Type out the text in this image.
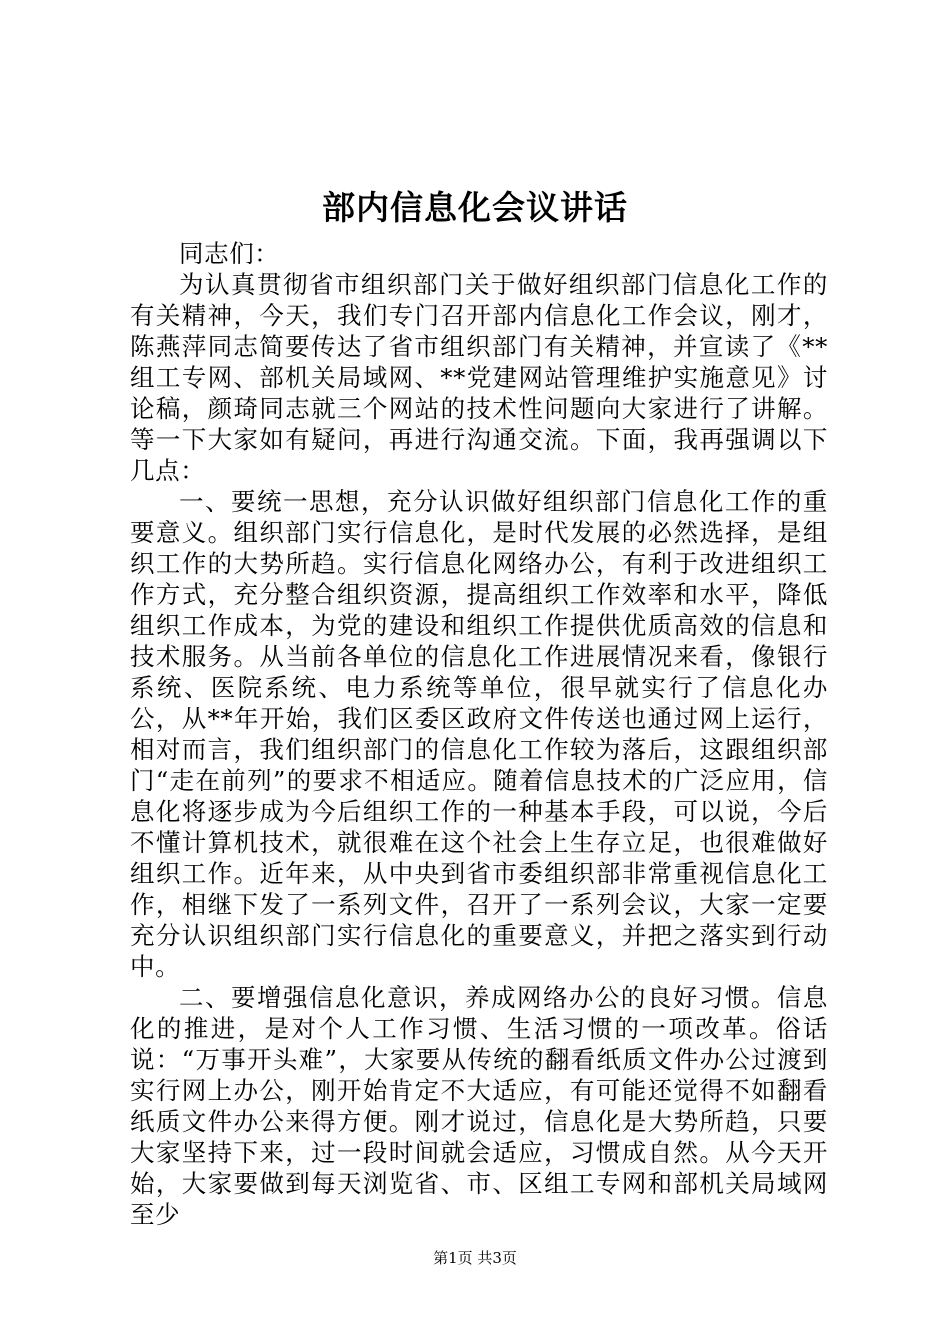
部内信息化会议讲话

同志们：

为认真贯彻省市组织部门关于做好组织部门信息化工作的有关精神，今天，我们专门召开部内信息化工作会议，刚才，陈燕萍同志简要传达了省市组织部门有关精神，并宣读了《**组工专网、部机关局域网、**党建网站管理维护实施意见》讨论稿，颜琦同志就三个网站的技术性问题向大家进行了讲解。等一下大家如有疑问，再进行沟通交流。下面，我再强调以下几点：

一、要统一思想，充分认识做好组织部门信息化工作的重要意义。组织部门实行信息化，是时代发展的必然选择，是组织工作的大势所趋。实行信息化网络办公，有利于改进组织工作方式，充分整合组织资源，提高组织工作效率和水平，降低组织工作成本，为党的建设和组织工作提供优质高效的信息和技术服务。从当前各单位的信息化工作进展情况来看，像银行系统、医院系统、电力系统等单位，很早就实行了信息化办公，从**年开始，我们区委区政府文件传送也通过网上运行，相对而言，我们组织部门的信息化工作较为落后，这跟组织部门“走在前列”的要求不相适应。随着信息技术的广泛应用，信息化将逐步成为今后组织工作的一种基本手段，可以说，今后不懂计算机技术，就很难在这个社会上生存立足，也很难做好组织工作。近年来，从中央到省市委组织部非常重视信息化工作，相继下发了一系列文件，召开了一系列会议，大家一定要充分认识组织部门实行信息化的重要意义，并把之落实到行动中。

二、要增强信息化意识，养成网络办公的良好习惯。信息化的推进，是对个人工作习惯、生活习惯的一项改革。俗话说：“万事开头难”，大家要从传统的翻看纸质文件办公过渡到实行网上办公，刚开始肯定不大适应，有可能还觉得不如翻看纸质文件办公来得方便。刚才说过，信息化是大势所趋，只要大家坚持下来，过一段时间就会适应，习惯成自然。从今天开始，大家要做到每天浏览省、市、区组工专网和部机关局域网至少

第1页 共3页
